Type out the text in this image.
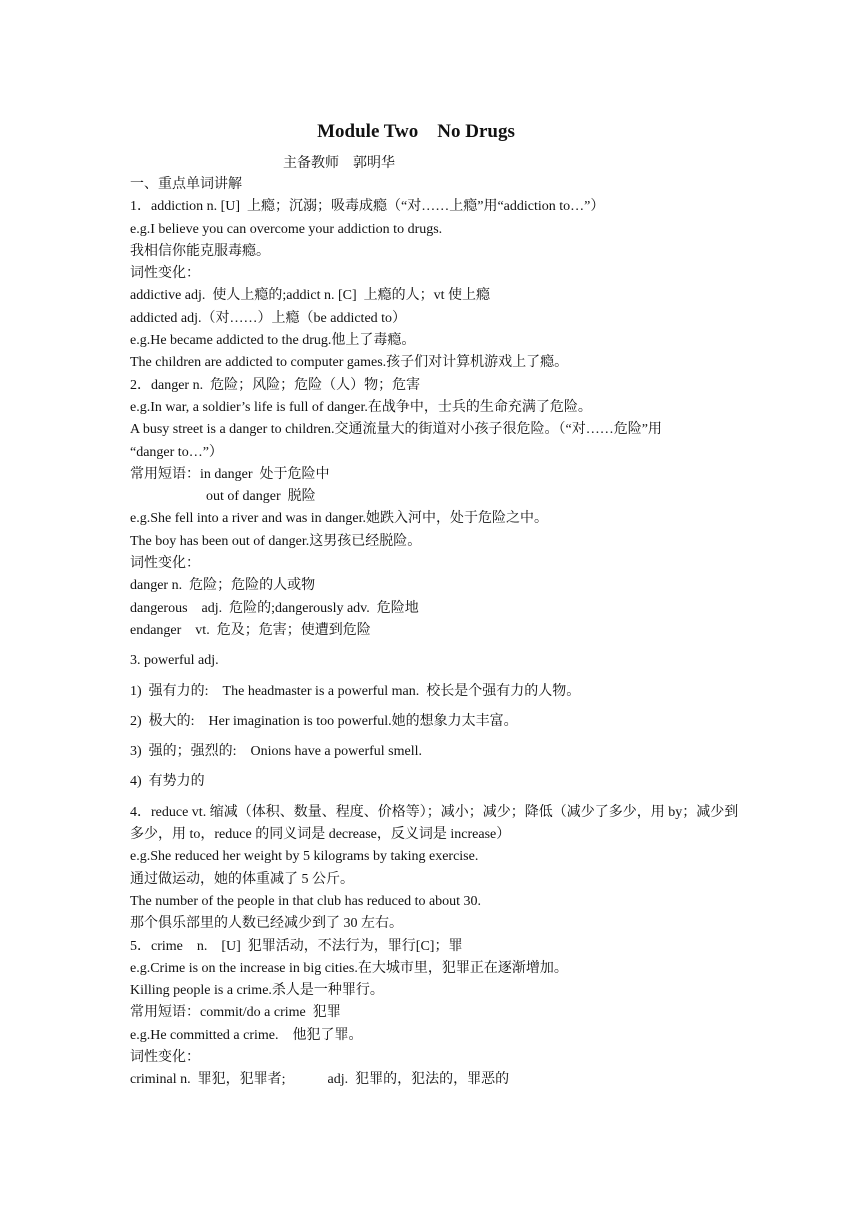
Module Two　No Drugs
主备教师　郭明华
一、重点单词讲解
1．addiction n. [U]  上瘾；沉溺；吸毒成瘾（“对……上瘾”用“addiction to…”）
e.g.I believe you can overcome your addiction to drugs.
我相信你能克服毒瘾。
词性变化：
addictive adj.  使人上瘾的;addict n. [C]  上瘾的人；vt 使上瘾
addicted adj.（对……）上瘾（be addicted to）
e.g.He became addicted to the drug.他上了毒瘾。
The children are addicted to computer games.孩子们对计算机游戏上了瘾。
2．danger n.  危险；风险；危险（人）物；危害
e.g.In war, a soldier’s life is full of danger.在战争中，士兵的生命充满了危险。
A busy street is a danger to children.交通流量大的街道对小孩子很危险。（“对……危险”用
“danger to…”）
常用短语：in danger  处于危险中
out of danger  脱险
e.g.She fell into a river and was in danger.她跌入河中，处于危险之中。
The boy has been out of danger.这男孩已经脱险。
词性变化：
danger n.  危险；危险的人或物
dangerous    adj.  危险的;dangerously adv.  危险地
endanger    vt.  危及；危害；使遭到危险
3. powerful adj.
1)  强有力的:    The headmaster is a powerful man.  校长是个强有力的人物。
2)  极大的:    Her imagination is too powerful.她的想象力太丰富。
3)  强的；强烈的:    Onions have a powerful smell.
4)  有势力的
4．reduce vt. 缩减（体积、数量、程度、价格等）；减小；减少；降低（减少了多少，用 by；减少到多少，用 to，reduce 的同义词是 decrease，反义词是 increase）
e.g.She reduced her weight by 5 kilograms by taking exercise.
通过做运动，她的体重减了 5 公斤。
The number of the people in that club has reduced to about 30.
那个俱乐部里的人数已经减少到了 30 左右。
5．crime    n.    [U]  犯罪活动，不法行为，罪行[C]；罪
e.g.Crime is on the increase in big cities.在大城市里，犯罪正在逐渐增加。
Killing people is a crime.杀人是一种罪行。
常用短语：commit/do a crime  犯罪
e.g.He committed a crime.    他犯了罪。
词性变化：
criminal n.  罪犯，犯罪者;            adj.  犯罪的，犯法的，罪恶的
